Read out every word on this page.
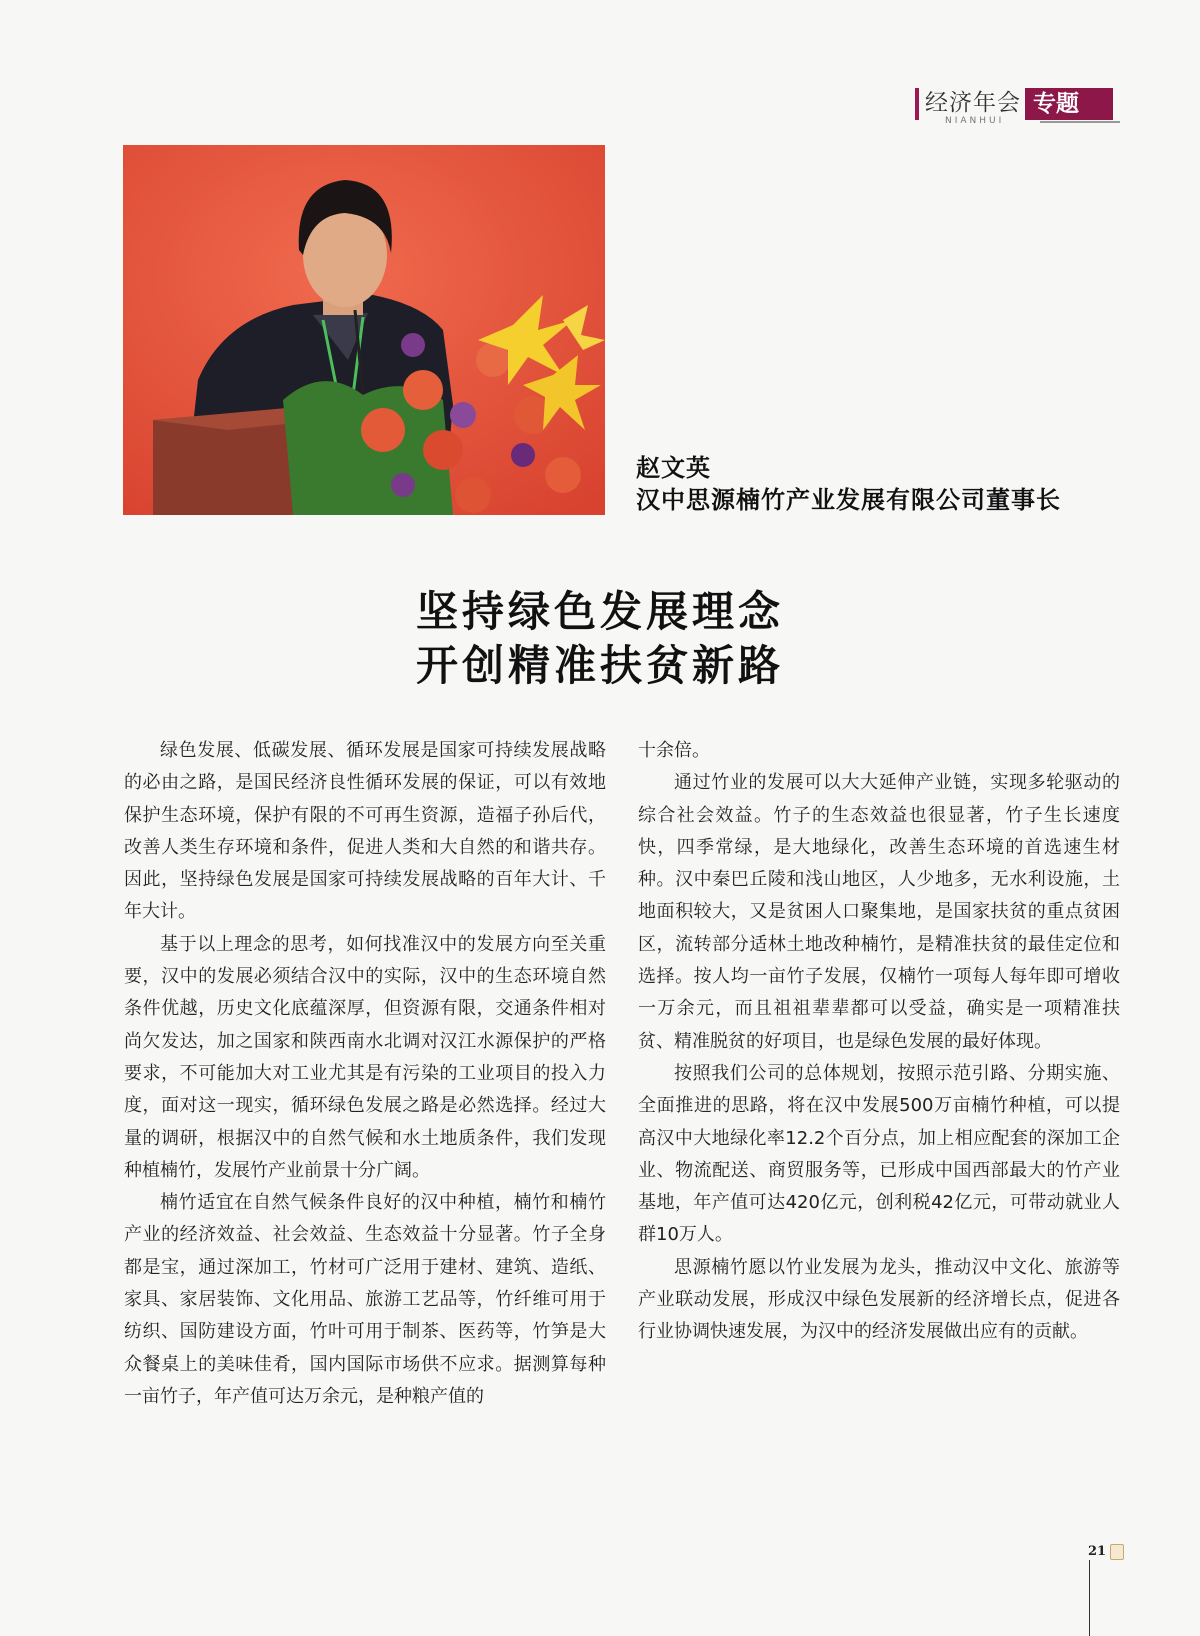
经济年会 专题
NIANHUI
赵文英
汉中思源楠竹产业发展有限公司董事长
坚持绿色发展理念
开创精准扶贫新路

绿色发展、低碳发展、循环发展是国家可持续发展战略的必由之路，是国民经济良性循环发展的保证，可以有效地保护生态环境，保护有限的不可再生资源，造福子孙后代，改善人类生存环境和条件，促进人类和大自然的和谐共存。因此，坚持绿色发展是国家可持续发展战略的百年大计、千年大计。

基于以上理念的思考，如何找准汉中的发展方向至关重要，汉中的发展必须结合汉中的实际，汉中的生态环境自然条件优越，历史文化底蕴深厚，但资源有限，交通条件相对尚欠发达，加之国家和陕西南水北调对汉江水源保护的严格要求，不可能加大对工业尤其是有污染的工业项目的投入力度，面对这一现实，循环绿色发展之路是必然选择。经过大量的调研，根据汉中的自然气候和水土地质条件，我们发现种植楠竹，发展竹产业前景十分广阔。

楠竹适宜在自然气候条件良好的汉中种植，楠竹和楠竹产业的经济效益、社会效益、生态效益十分显著。竹子全身都是宝，通过深加工，竹材可广泛用于建材、建筑、造纸、家具、家居装饰、文化用品、旅游工艺品等，竹纤维可用于纺织、国防建设方面，竹叶可用于制茶、医药等，竹笋是大众餐桌上的美味佳肴，国内国际市场供不应求。据测算每种一亩竹子，年产值可达万余元，是种粮产值的

十余倍。

通过竹业的发展可以大大延伸产业链，实现多轮驱动的综合社会效益。竹子的生态效益也很显著，竹子生长速度快，四季常绿，是大地绿化，改善生态环境的首选速生材种。汉中秦巴丘陵和浅山地区，人少地多，无水利设施，土地面积较大，又是贫困人口聚集地，是国家扶贫的重点贫困区，流转部分适林土地改种楠竹，是精准扶贫的最佳定位和选择。按人均一亩竹子发展，仅楠竹一项每人每年即可增收一万余元，而且祖祖辈辈都可以受益，确实是一项精准扶贫、精准脱贫的好项目，也是绿色发展的最好体现。

按照我们公司的总体规划，按照示范引路、分期实施、全面推进的思路，将在汉中发展500万亩楠竹种植，可以提高汉中大地绿化率12.2个百分点，加上相应配套的深加工企业、物流配送、商贸服务等，已形成中国西部最大的竹产业基地，年产值可达420亿元，创利税42亿元，可带动就业人群10万人。

思源楠竹愿以竹业发展为龙头，推动汉中文化、旅游等产业联动发展，形成汉中绿色发展新的经济增长点，促进各行业协调快速发展，为汉中的经济发展做出应有的贡献。

21
